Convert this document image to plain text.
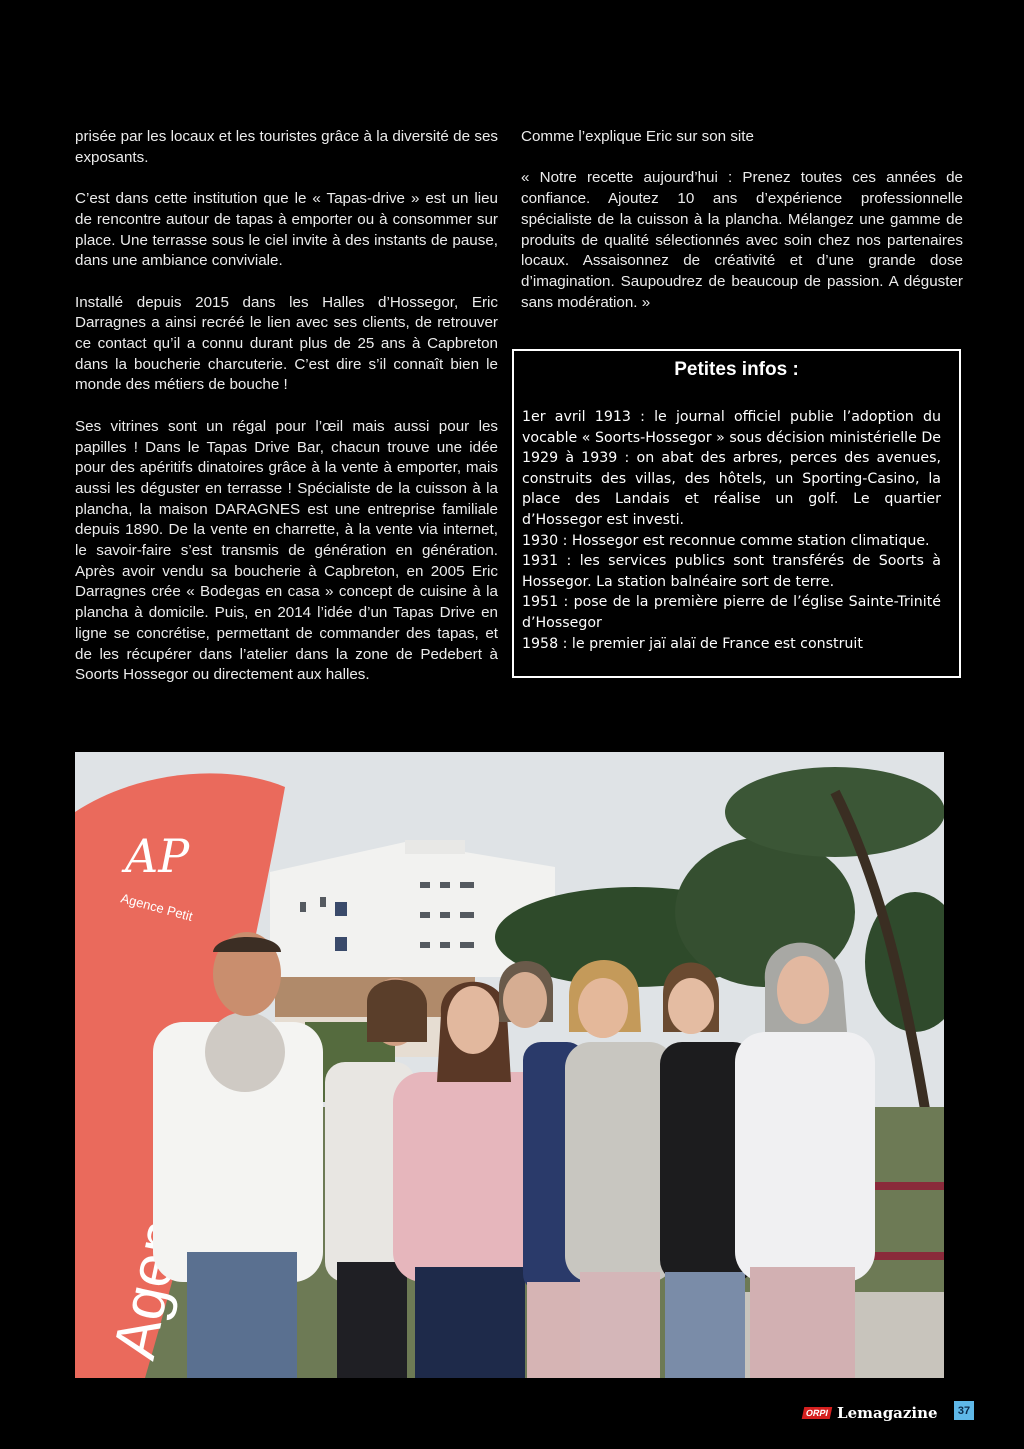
prisée par les locaux et les touristes grâce à la diversité de ses exposants.

C’est dans cette institution que le « Tapas-drive » est un lieu de rencontre autour de tapas à emporter ou à consommer sur place. Une terrasse sous le ciel invite à des instants de pause, dans une ambiance conviviale.

Installé depuis 2015 dans les Halles d’Hossegor, Eric Darragnes a ainsi recréé le lien avec ses clients, de retrouver ce contact qu’il a connu durant plus de 25 ans à Capbreton dans la boucherie charcuterie. C’est dire s’il connaît bien le monde des métiers de bouche !

Ses vitrines sont un régal pour l’œil mais aussi pour les papilles ! Dans le Tapas Drive Bar, chacun trouve une idée pour des apéritifs dinatoires grâce à la vente à emporter, mais aussi les déguster en terrasse ! Spécialiste de la cuisson à la plancha, la maison DARAGNES est une entreprise familiale depuis 1890. De la vente en charrette, à la vente via internet, le savoir-faire s’est transmis de génération en génération. Après avoir vendu sa boucherie à Capbreton, en 2005 Eric Darragnes crée « Bodegas en casa » concept de cuisine à la plancha à domicile. Puis, en 2014 l’idée d’un Tapas Drive en ligne se concrétise, permettant de commander des tapas, et de les récupérer dans l’atelier dans la zone de Pedebert à Soorts Hossegor ou directement aux halles.

Comme l’explique Eric sur son site

« Notre recette aujourd’hui : Prenez toutes ces années de confiance. Ajoutez 10 ans d’expérience professionnelle spécialiste de la cuisson à la plancha. Mélangez une gamme de produits de qualité sélectionnés avec soin chez nos partenaires locaux. Assaisonnez de créativité et d’une grande dose d’imagination. Saupoudrez de beaucoup de passion. A déguster sans modération. »

Petites infos :
1er avril 1913 : le journal officiel publie l’adoption du vocable « Soorts-Hossegor » sous décision ministérielle De 1929 à 1939 : on abat des arbres, perces des avenues, construits des villas, des hôtels, un Sporting-Casino, la place des Landais et réalise un golf. Le quartier d’Hossegor est investi.
1930 : Hossegor est reconnue comme station climatique.
1931 : les services publics sont transférés de Soorts à Hossegor. La station balnéaire sort de terre.
1951 : pose de la première pierre de l’église Sainte-Trinité d’Hossegor
1958 : le premier jaï alaï de France est construit
AP
Agence Petit
ORPI Lemagazine	37
